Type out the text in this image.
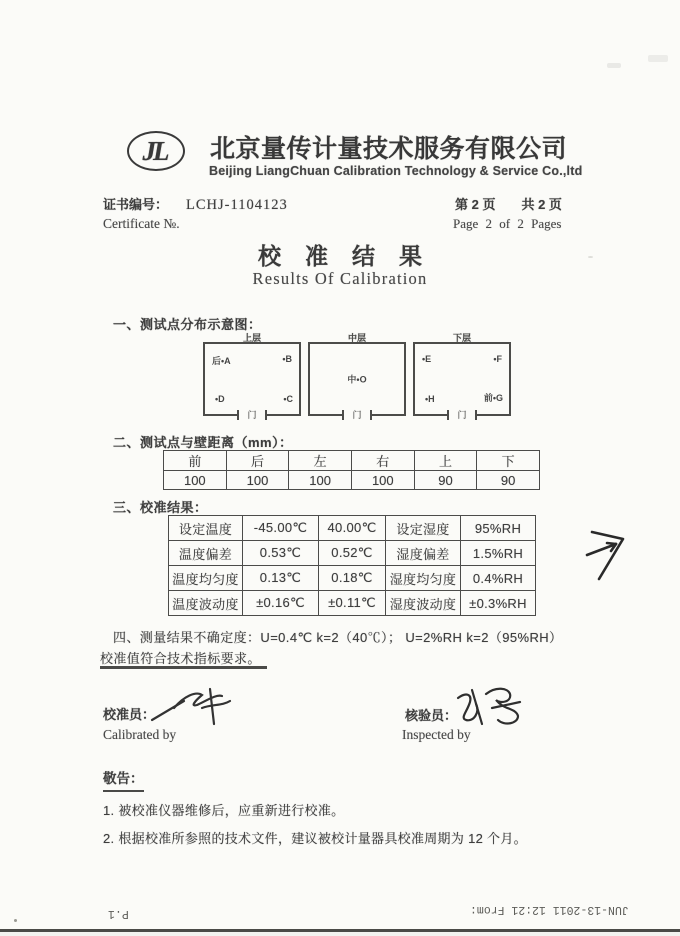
JL 北京量传计量技术服务有限公司
Beijing LiangChuan Calibration Technology & Service Co.,ltd
证书编号： LCHJ-1104123
Certificate №.
第 2 页 共 2 页
Page 2 of 2 Pages
校准结果
Results Of Calibration
一、测试点分布示意图：
上层
后•A	•B
•D	•C
门
中层
中•O
门
下层
•E	•F
•H	前•G
门
二、测试点与壁距离（mm）：
前	后	左	右	上	下
100	100	100	100	90	90
三、校准结果：
设定温度	-45.00℃	40.00℃	设定湿度	95%RH
温度偏差	0.53℃	0.52℃	湿度偏差	1.5%RH
温度均匀度	0.13℃	0.18℃	湿度均匀度	0.4%RH
温度波动度	±0.16℃	±0.11℃	湿度波动度	±0.3%RH
四、测量结果不确定度：U=0.4℃ k=2（40℃）； U=2%RH k=2（95%RH）
校准值符合技术指标要求。
校准员：
Calibrated by
核验员：
Inspected by
敬告：
1. 被校准仪器维修后，应重新进行校准。
2. 根据校准所参照的技术文件，建议被校计量器具校准周期为 12 个月。
JUN-13-2011 12:21 From:
P.1
